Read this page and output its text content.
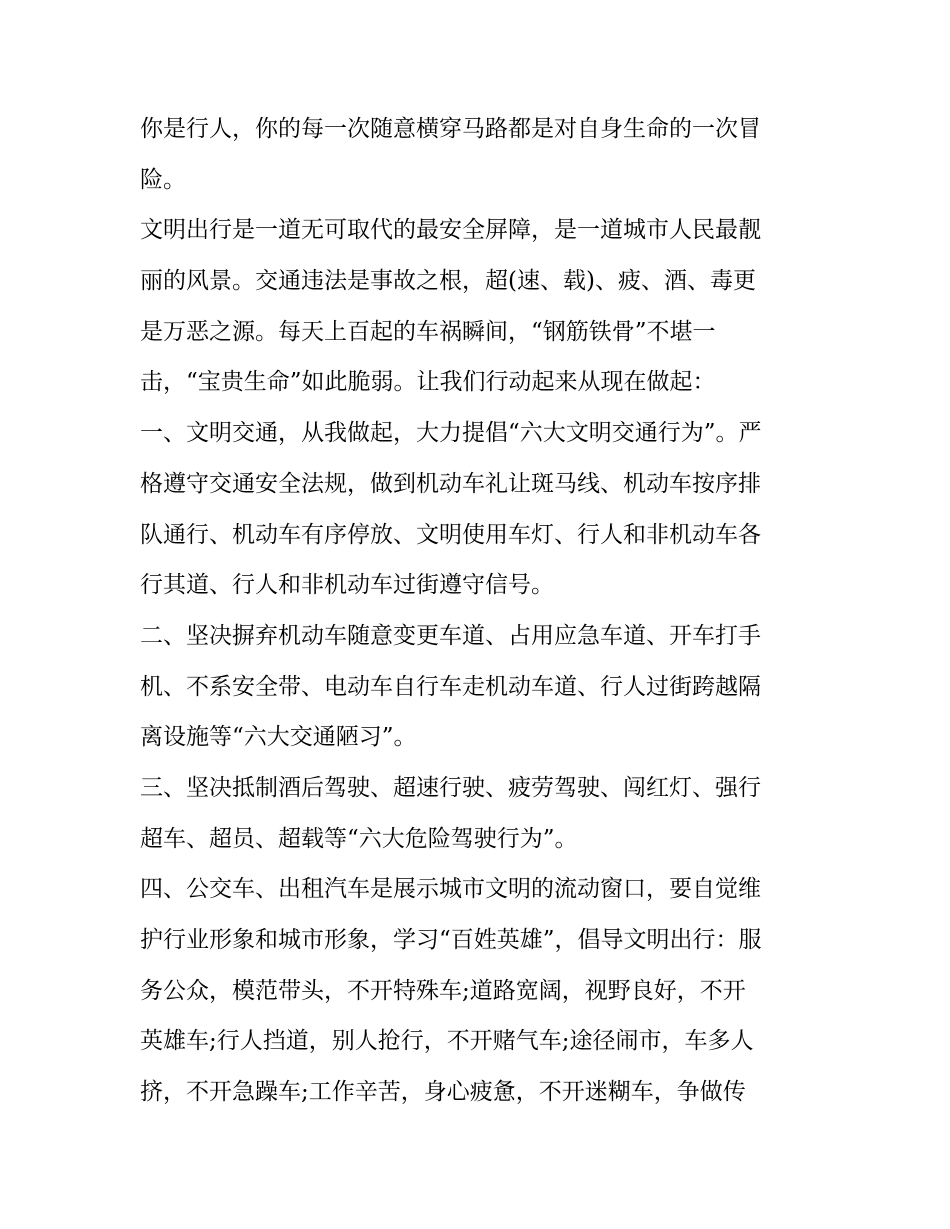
你是行人，你的每一次随意横穿马路都是对自身生命的一次冒
险。
文明出行是一道无可取代的最安全屏障，是一道城市人民最靓
丽的风景。交通违法是事故之根，超(速、载)、疲、酒、毒更
是万恶之源。每天上百起的车祸瞬间，“钢筋铁骨”不堪一
击，“宝贵生命”如此脆弱。让我们行动起来从现在做起：
一、文明交通，从我做起，大力提倡“六大文明交通行为”。严
格遵守交通安全法规，做到机动车礼让斑马线、机动车按序排
队通行、机动车有序停放、文明使用车灯、行人和非机动车各
行其道、行人和非机动车过街遵守信号。
二、坚决摒弃机动车随意变更车道、占用应急车道、开车打手
机、不系安全带、电动车自行车走机动车道、行人过街跨越隔
离设施等“六大交通陋习”。
三、坚决抵制酒后驾驶、超速行驶、疲劳驾驶、闯红灯、强行
超车、超员、超载等“六大危险驾驶行为”。
四、公交车、出租汽车是展示城市文明的流动窗口，要自觉维
护行业形象和城市形象，学习“百姓英雄”，倡导文明出行：服
务公众，模范带头，不开特殊车;道路宽阔，视野良好，不开
英雄车;行人挡道，别人抢行，不开赌气车;途径闹市，车多人
挤，不开急躁车;工作辛苦，身心疲惫，不开迷糊车，争做传
